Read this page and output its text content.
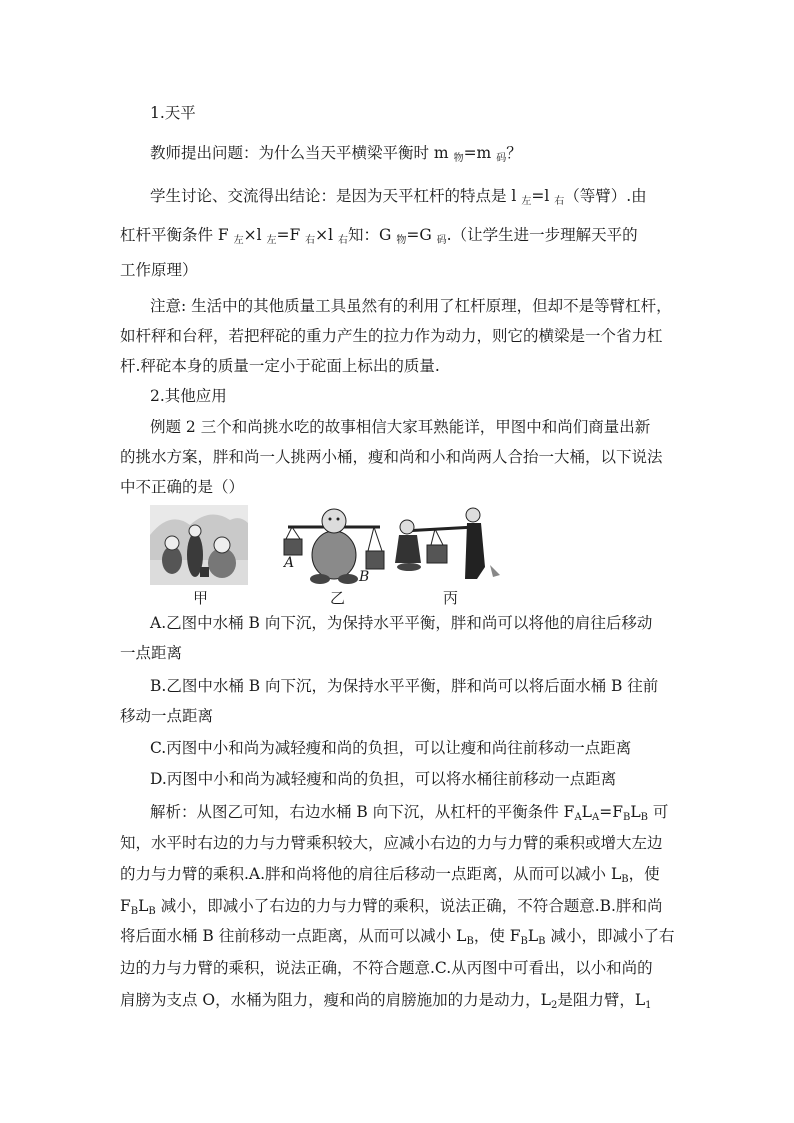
1.天平
教师提出问题：为什么当天平横梁平衡时 m $_物$=m $_码$？
学生讨论、交流得出结论：是因为天平杠杆的特点是 l $_左$=l $_右$（等臂）.由
杠杆平衡条件 F $_左$×l $_左$=F $_右$×l $_右$知：G $_物$=G $_码$.（让学生进一步理解天平的
工作原理）
注意: 生活中的其他质量工具虽然有的利用了杠杆原理，但却不是等臂杠杆，
如杆秤和台秤，若把秤砣的重力产生的拉力作为动力，则它的横梁是一个省力杠
杆.秤砣本身的质量一定小于砣面上标出的质量.
2.其他应用
例题 2 三个和尚挑水吃的故事相信大家耳熟能详，甲图中和尚们商量出新
的挑水方案，胖和尚一人挑两小桶，瘦和尚和小和尚两人合抬一大桶，以下说法
中不正确的是（）
甲
A
B
乙	丙
A.乙图中水桶 B 向下沉，为保持水平平衡，胖和尚可以将他的肩往后移动
一点距离
B.乙图中水桶 B 向下沉，为保持水平平衡，胖和尚可以将后面水桶 B 往前
移动一点距离
C.丙图中小和尚为减轻瘦和尚的负担，可以让瘦和尚往前移动一点距离
D.丙图中小和尚为减轻瘦和尚的负担，可以将水桶往前移动一点距离
解析：从图乙可知，右边水桶 B 向下沉，从杠杆的平衡条件 $F_AL_A=F_BL_B$ 可
知，水平时右边的力与力臂乘积较大，应减小右边的力与力臂的乘积或增大左边
的力与力臂的乘积.A.胖和尚将他的肩往后移动一点距离，从而可以减小 $L_B$，使
$F_BL_B$ 减小，即减小了右边的力与力臂的乘积，说法正确，不符合题意.B.胖和尚
将后面水桶 B 往前移动一点距离，从而可以减小 $L_B$，使 $F_BL_B$ 减小，即减小了右
边的力与力臂的乘积，说法正确，不符合题意.C.从丙图中可看出，以小和尚的
肩膀为支点 O，水桶为阻力，瘦和尚的肩膀施加的力是动力，$L_2$是阻力臂，$L_1$
